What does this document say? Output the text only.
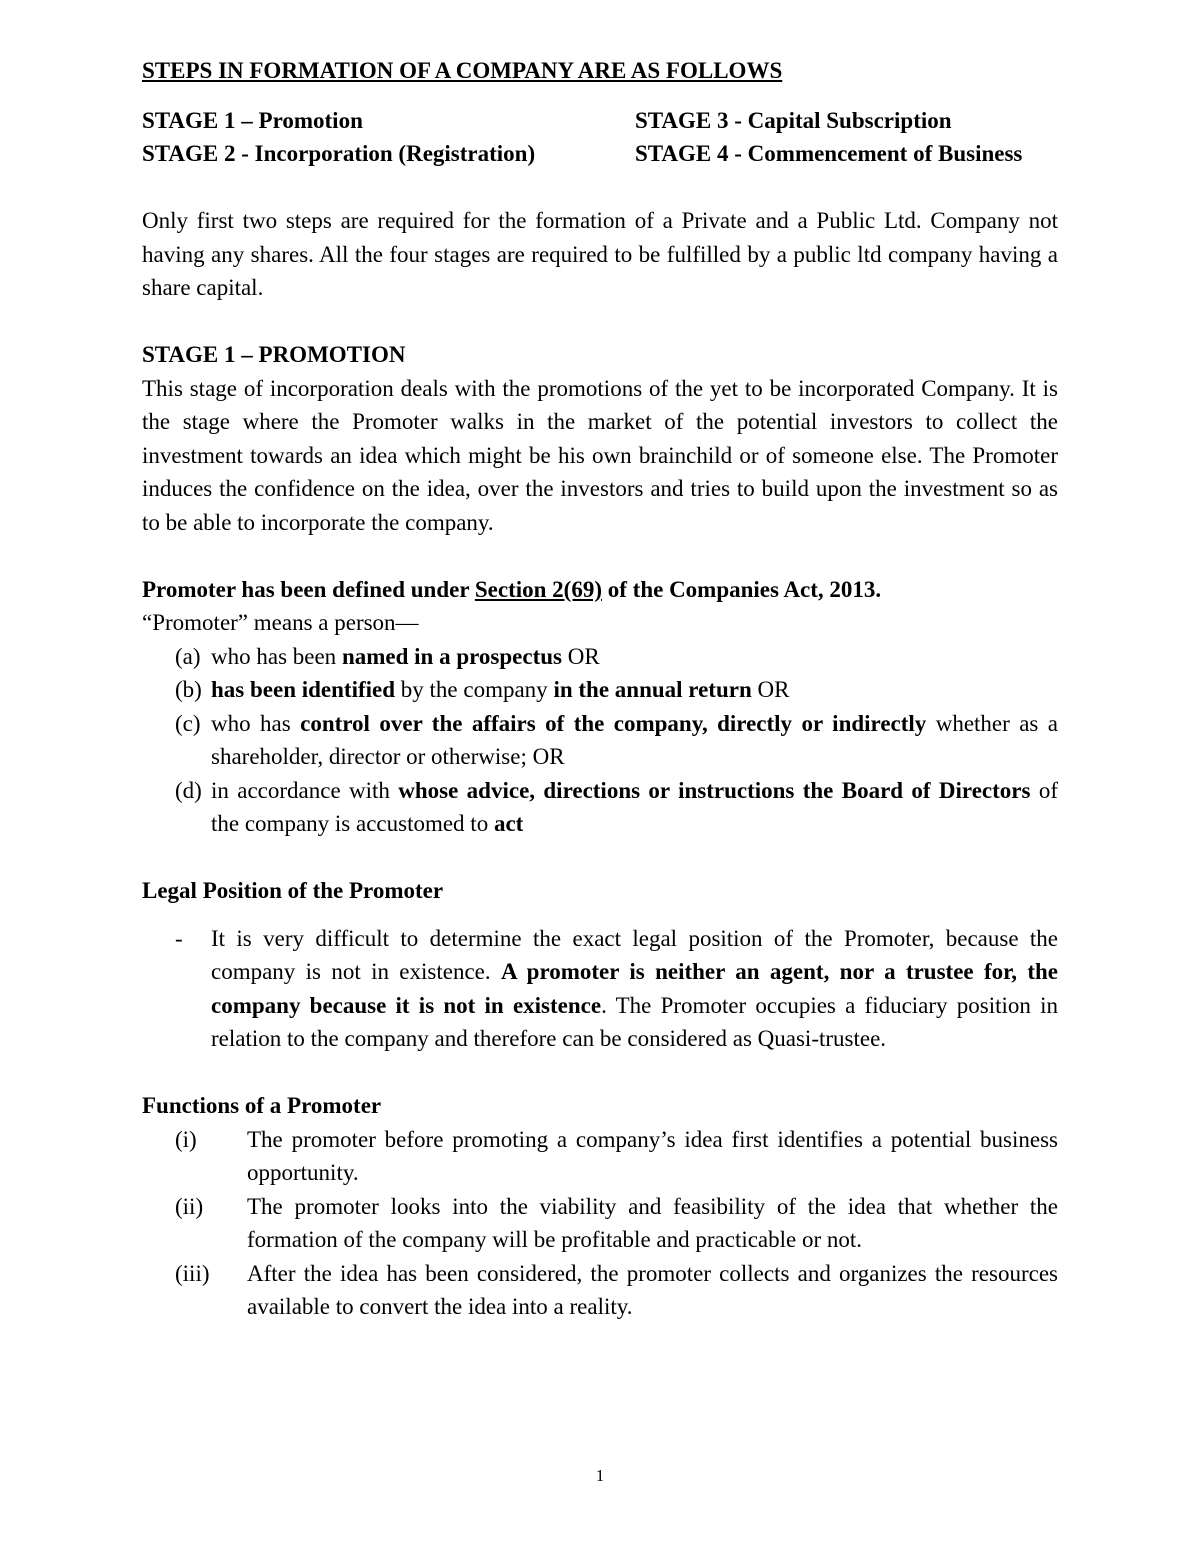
STEPS IN FORMATION OF A COMPANY ARE AS FOLLOWS

STAGE 1 – Promotion	STAGE 3 - Capital Subscription
STAGE 2 - Incorporation (Registration)	STAGE 4 - Commencement of Business

Only first two steps are required for the formation of a Private and a Public Ltd. Company not having any shares. All the four stages are required to be fulfilled by a public ltd company having a share capital.

STAGE 1 – PROMOTION

This stage of incorporation deals with the promotions of the yet to be incorporated Company. It is the stage where the Promoter walks in the market of the potential investors to collect the investment towards an idea which might be his own brainchild or of someone else. The Promoter induces the confidence on the idea, over the investors and tries to build upon the investment so as to be able to incorporate the company.

Promoter has been defined under Section 2(69) of the Companies Act, 2013.

“Promoter” means a person—

(a) who has been named in a prospectus OR
(b) has been identified by the company in the annual return OR
(c) who has control over the affairs of the company, directly or indirectly whether as a shareholder, director or otherwise; OR
(d) in accordance with whose advice, directions or instructions the Board of Directors of the company is accustomed to act

Legal Position of the Promoter

- It is very difficult to determine the exact legal position of the Promoter, because the company is not in existence. A promoter is neither an agent, nor a trustee for, the company because it is not in existence. The Promoter occupies a fiduciary position in relation to the company and therefore can be considered as Quasi-trustee.

Functions of a Promoter

(i) The promoter before promoting a company’s idea first identifies a potential business opportunity.
(ii) The promoter looks into the viability and feasibility of the idea that whether the formation of the company will be profitable and practicable or not.
(iii) After the idea has been considered, the promoter collects and organizes the resources available to convert the idea into a reality.
1
